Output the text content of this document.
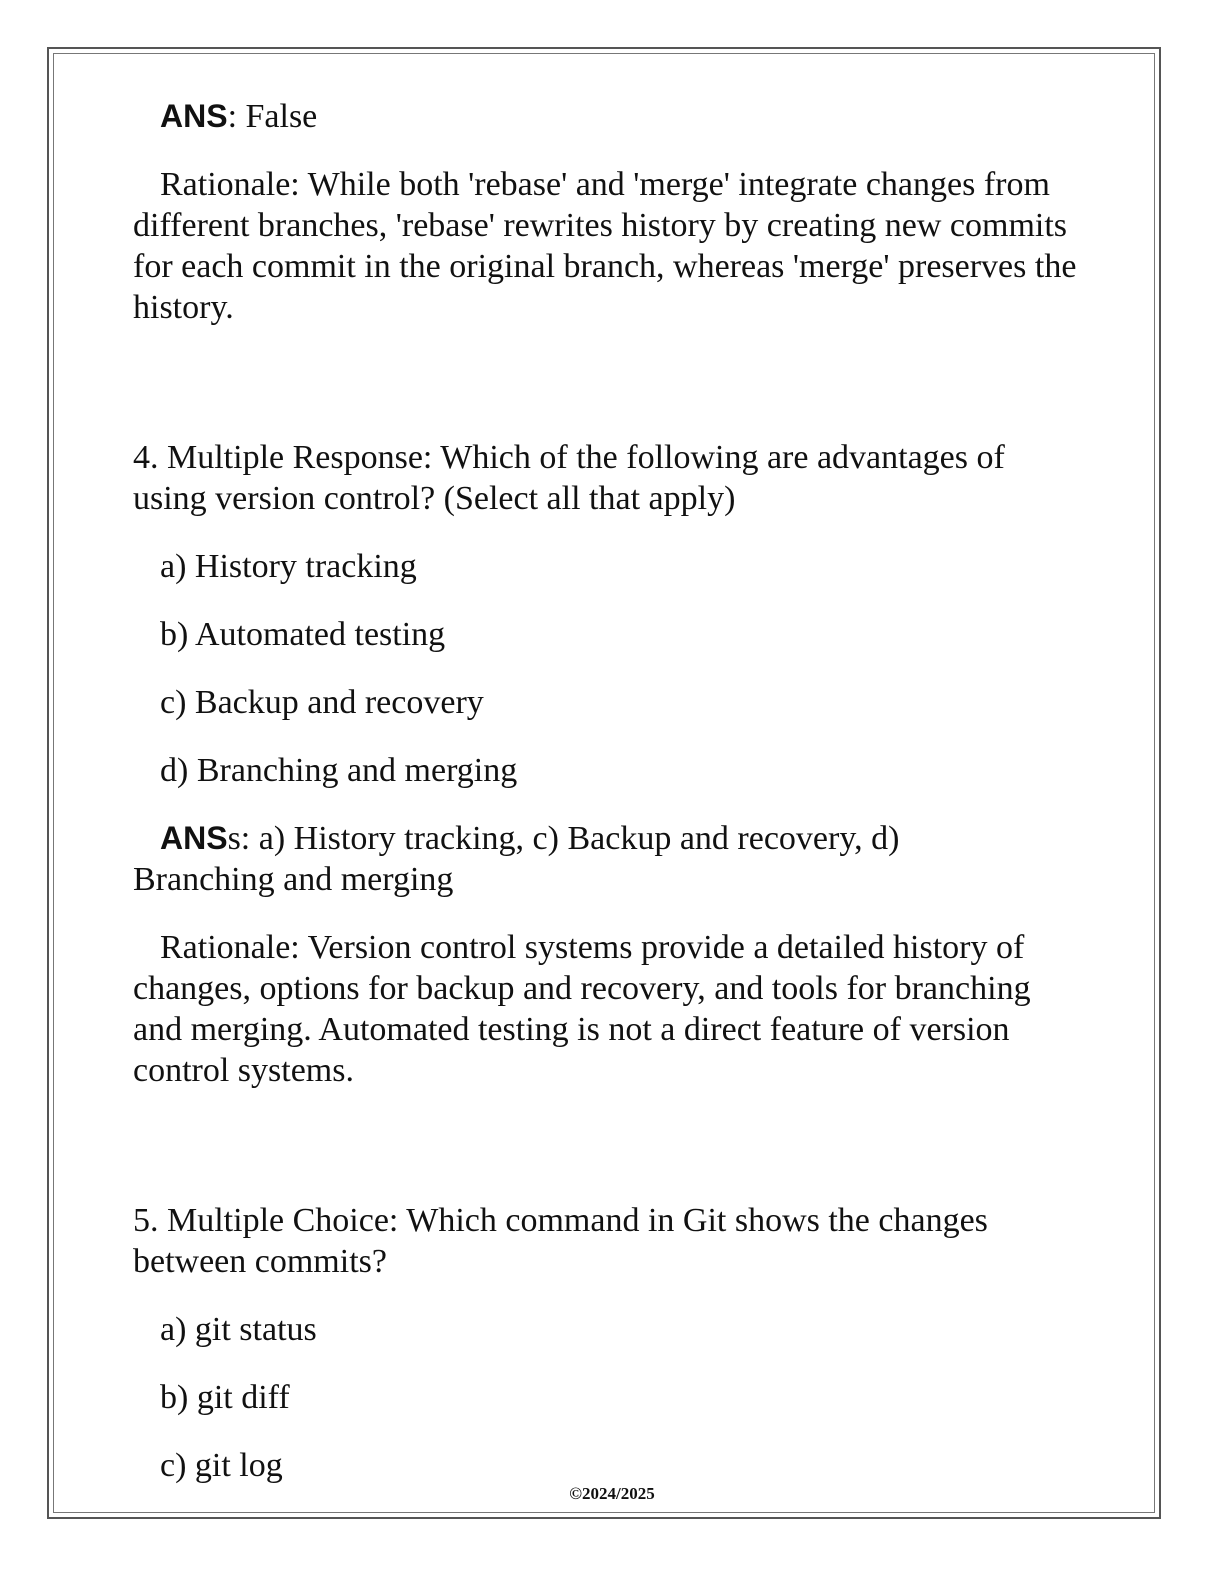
ANS: False

Rationale: While both 'rebase' and 'merge' integrate changes from different branches, 'rebase' rewrites history by creating new commits for each commit in the original branch, whereas 'merge' preserves the history.

4. Multiple Response: Which of the following are advantages of using version control? (Select all that apply)

a) History tracking

b) Automated testing

c) Backup and recovery

d) Branching and merging

ANSs: a) History tracking, c) Backup and recovery, d) Branching and merging

Rationale: Version control systems provide a detailed history of changes, options for backup and recovery, and tools for branching and merging. Automated testing is not a direct feature of version control systems.

5. Multiple Choice: Which command in Git shows the changes between commits?

a) git status

b) git diff

c) git log

©2024/2025
